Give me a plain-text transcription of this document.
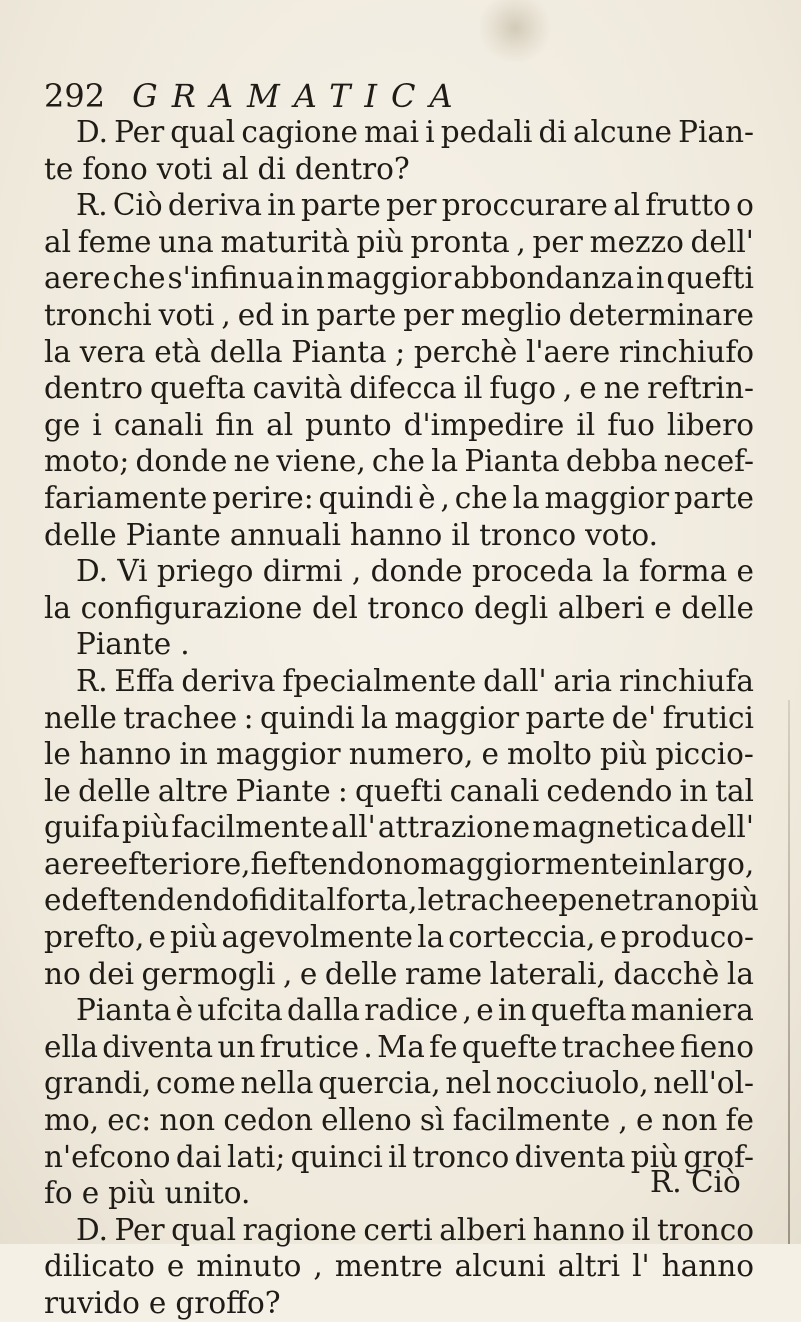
292 GRAMATICA
D. Per qual cagione mai i pedali di alcune Pian-
te fono voti al di dentro?
R. Ciò deriva in parte per proccurare al frutto o
al feme una maturità più pronta , per mezzo dell'
aere che s'infinua in maggior abbondanza in quefti
tronchi voti , ed in parte per meglio determinare
la vera età della Pianta ; perchè l'aere rinchiufo
dentro quefta cavità difecca il fugo , e ne reftrin-
ge i canali fin al punto d'impedire il fuo libero
moto; donde ne viene, che la Pianta debba necef-
fariamente perire: quindi è , che la maggior parte
delle Piante annuali hanno il tronco voto.
D. Vi priego dirmi , donde proceda la forma e
la configurazione del tronco degli alberi e delle
Piante .
R. Effa deriva fpecialmente dall' aria rinchiufa
nelle trachee : quindi la maggior parte de' frutici
le hanno in maggior numero, e molto più piccio-
le delle altre Piante : quefti canali cedendo in tal
guifa più facilmente all' attrazione magnetica dell'
aere efteriore, fi eftendono maggiormente in largo,
ed eftendendofi di tal forta, le trachee penetrano più
prefto, e più agevolmente la corteccia, e produco-
no dei germogli , e delle rame laterali, dacchè la
Pianta è ufcita dalla radice , e in quefta maniera
ella diventa un frutice . Ma fe quefte trachee fieno
grandi, come nella quercia, nel nocciuolo, nell'ol-
mo, ec: non cedon elleno sì facilmente , e non fe
n'efcono dai lati; quinci il tronco diventa più grof-
fo e più unito.
D. Per qual ragione certi alberi hanno il tronco
dilicato e minuto , mentre alcuni altri l' hanno
ruvido e groffo?
R. Ciò
